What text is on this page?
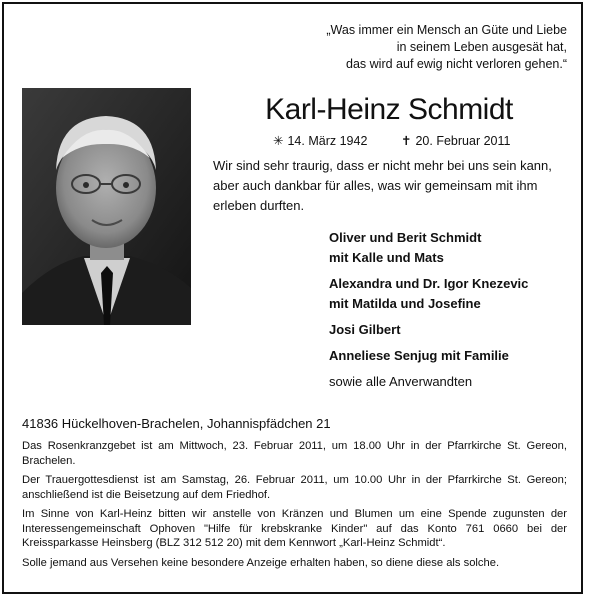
„Was immer ein Mensch an Güte und Liebe
in seinem Leben ausgesät hat,
das wird auf ewig nicht verloren gehen.“
Karl-Heinz Schmidt
✳ 14. März 1942	✝ 20. Februar 2011
Wir sind sehr traurig, dass er nicht mehr bei uns sein kann,
aber auch dankbar für alles, was wir gemeinsam mit ihm
erleben durften.
Oliver und Berit Schmidt
mit Kalle und Mats
Alexandra und Dr. Igor Knezevic
mit Matilda und Josefine
Josi Gilbert
Anneliese Senjug mit Familie
sowie alle Anverwandten
41836 Hückelhoven-Brachelen, Johannispfädchen 21

Das Rosenkranzgebet ist am Mittwoch, 23. Februar 2011, um 18.00 Uhr in der Pfarrkirche St. Gereon, Brachelen.

Der Trauergottesdienst ist am Samstag, 26. Februar 2011, um 10.00 Uhr in der Pfarrkirche St. Gereon; anschließend ist die Beisetzung auf dem Friedhof.

Im Sinne von Karl-Heinz bitten wir anstelle von Kränzen und Blumen um eine Spende zugunsten der Interessengemeinschaft Ophoven "Hilfe für krebskranke Kinder" auf das Konto 761 0660 bei der Kreissparkasse Heinsberg (BLZ 312 512 20) mit dem Kennwort „Karl-Heinz Schmidt“.

Solle jemand aus Versehen keine besondere Anzeige erhalten haben, so diene diese als solche.
